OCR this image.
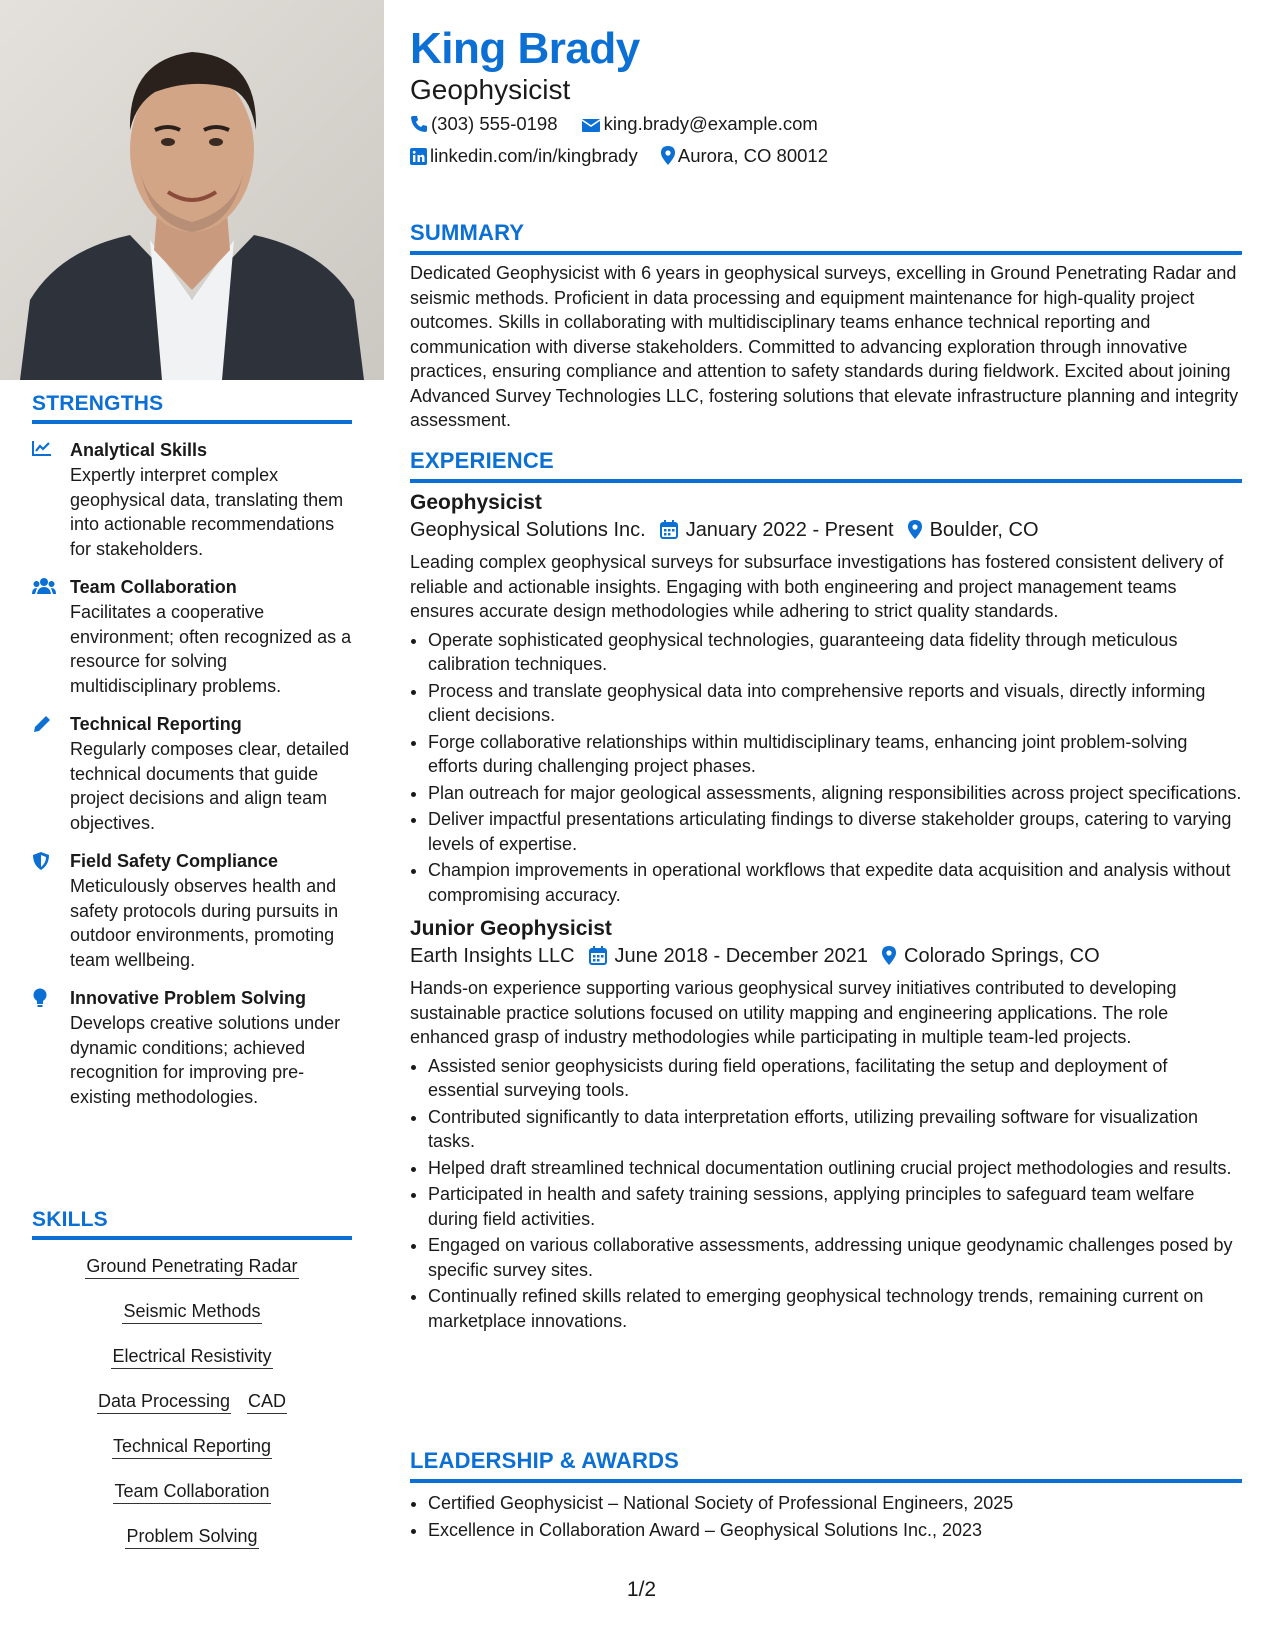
STRENGTHS
Analytical Skills
Expertly interpret complex geophysical data, translating them into actionable recommendations for stakeholders.
Team Collaboration
Facilitates a cooperative environment; often recognized as a resource for solving multidisciplinary problems.
Technical Reporting
Regularly composes clear, detailed technical documents that guide project decisions and align team objectives.
Field Safety Compliance
Meticulously observes health and safety protocols during pursuits in outdoor environments, promoting team wellbeing.
Innovative Problem Solving
Develops creative solutions under dynamic conditions; achieved recognition for improving pre-existing methodologies.
SKILLS
Ground Penetrating Radar
Seismic Methods
Electrical Resistivity
Data Processing CAD
Technical Reporting
Team Collaboration
Problem Solving
King Brady
Geophysicist
(303) 555-0198 king.brady@example.com
linkedin.com/in/kingbrady Aurora, CO 80012
SUMMARY
Dedicated Geophysicist with 6 years in geophysical surveys, excelling in Ground Penetrating Radar and seismic methods. Proficient in data processing and equipment maintenance for high-quality project outcomes. Skills in collaborating with multidisciplinary teams enhance technical reporting and communication with diverse stakeholders. Committed to advancing exploration through innovative practices, ensuring compliance and attention to safety standards during fieldwork. Excited about joining Advanced Survey Technologies LLC, fostering solutions that elevate infrastructure planning and integrity assessment.
EXPERIENCE
Geophysicist
Geophysical Solutions Inc. January 2022 - Present Boulder, CO
Leading complex geophysical surveys for subsurface investigations has fostered consistent delivery of reliable and actionable insights. Engaging with both engineering and project management teams ensures accurate design methodologies while adhering to strict quality standards.
• Operate sophisticated geophysical technologies, guaranteeing data fidelity through meticulous calibration techniques.
• Process and translate geophysical data into comprehensive reports and visuals, directly informing client decisions.
• Forge collaborative relationships within multidisciplinary teams, enhancing joint problem-solving efforts during challenging project phases.
• Plan outreach for major geological assessments, aligning responsibilities across project specifications.
• Deliver impactful presentations articulating findings to diverse stakeholder groups, catering to varying levels of expertise.
• Champion improvements in operational workflows that expedite data acquisition and analysis without compromising accuracy.
Junior Geophysicist
Earth Insights LLC June 2018 - December 2021 Colorado Springs, CO
Hands-on experience supporting various geophysical survey initiatives contributed to developing sustainable practice solutions focused on utility mapping and engineering applications. The role enhanced grasp of industry methodologies while participating in multiple team-led projects.
• Assisted senior geophysicists during field operations, facilitating the setup and deployment of essential surveying tools.
• Contributed significantly to data interpretation efforts, utilizing prevailing software for visualization tasks.
• Helped draft streamlined technical documentation outlining crucial project methodologies and results.
• Participated in health and safety training sessions, applying principles to safeguard team welfare during field activities.
• Engaged on various collaborative assessments, addressing unique geodynamic challenges posed by specific survey sites.
• Continually refined skills related to emerging geophysical technology trends, remaining current on marketplace innovations.
LEADERSHIP & AWARDS
• Certified Geophysicist – National Society of Professional Engineers, 2025
• Excellence in Collaboration Award – Geophysical Solutions Inc., 2023
1/2
